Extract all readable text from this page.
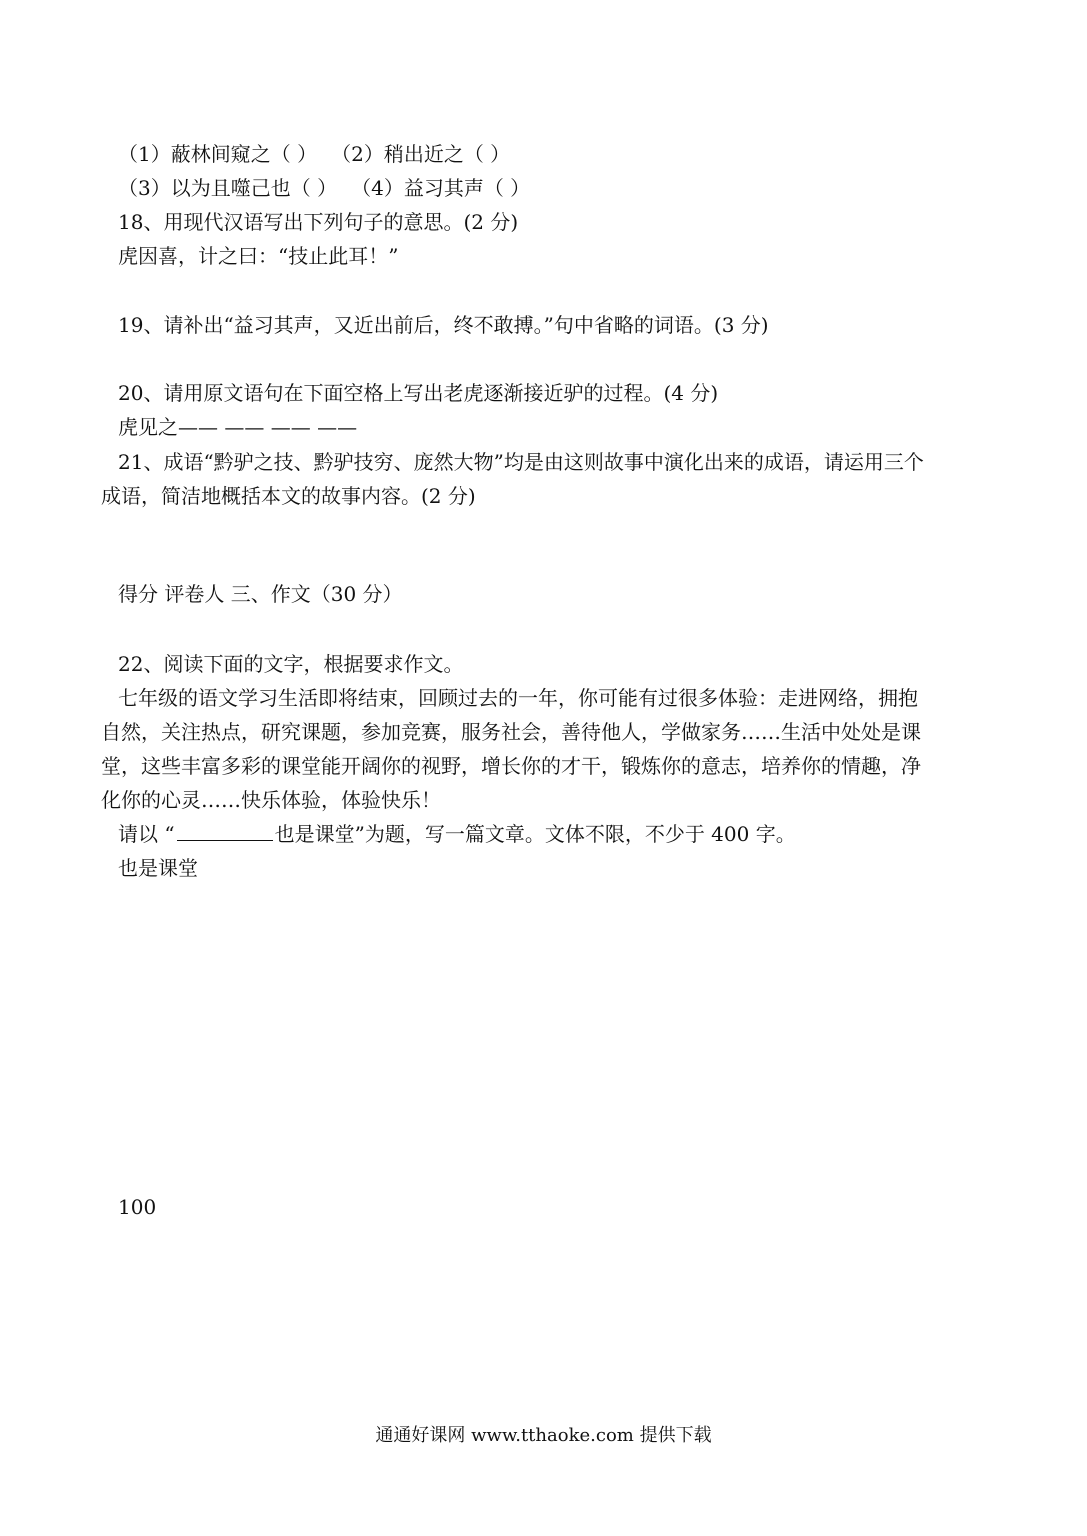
（1）蔽林间窥之（ ） （2）稍出近之（ ）
（3）以为且噬己也（ ） （4）益习其声（ ）
18、用现代汉语写出下列句子的意思。(2 分)
虎因喜，计之曰：“技止此耳！”
19、请补出“益习其声，又近出前后，终不敢搏。”句中省略的词语。(3 分)
20、请用原文语句在下面空格上写出老虎逐渐接近驴的过程。(4 分)
虎见之—— —— —— ——
21、成语“黔驴之技、黔驴技穷、庞然大物”均是由这则故事中演化出来的成语，请运用三个
成语，简洁地概括本文的故事内容。(2 分)
得分 评卷人 三、作文（30 分）
22、阅读下面的文字，根据要求作文。
七年级的语文学习生活即将结束，回顾过去的一年，你可能有过很多体验：走进网络，拥抱
自然，关注热点，研究课题，参加竞赛，服务社会，善待他人，学做家务……生活中处处是课
堂，这些丰富多彩的课堂能开阔你的视野，增长你的才干，锻炼你的意志，培养你的情趣，净
化你的心灵……快乐体验，体验快乐！
请以 “	也是课堂”为题，写一篇文章。文体不限，不少于 400 字。
也是课堂
100
通通好课网 www.tthaoke.com 提供下载
